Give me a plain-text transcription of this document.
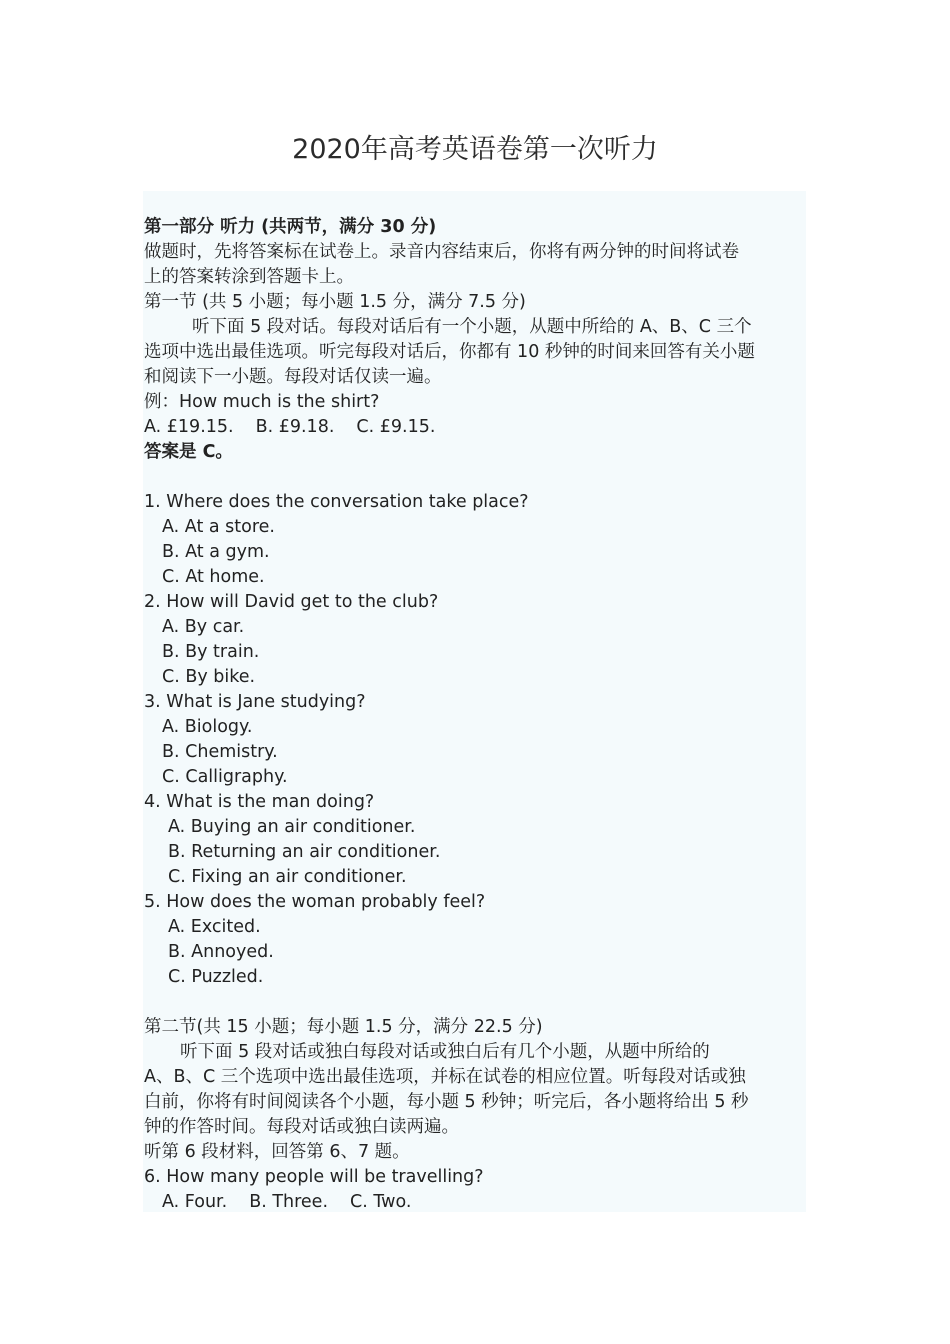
2020年高考英语卷第一次听力
第一部分 听力 (共两节，满分 30 分)
做题时，先将答案标在试卷上。录音内容结束后，你将有两分钟的时间将试卷
上的答案转涂到答题卡上。
第一节 (共 5 小题；每小题 1.5 分，满分 7.5 分)
听下面 5 段对话。每段对话后有一个小题，从题中所给的 A、B、C 三个
选项中选出最佳选项。听完每段对话后，你都有 10 秒钟的时间来回答有关小题
和阅读下一小题。每段对话仅读一遍。
例：How much is the shirt?
A. £19.15. B. £9.18. C. £9.15.
答案是 C。
1. Where does the conversation take place?
A. At a store.
B. At a gym.
C. At home.
2. How will David get to the club?
A. By car.
B. By train.
C. By bike.
3. What is Jane studying?
A. Biology.
B. Chemistry.
C. Calligraphy.
4. What is the man doing?
A. Buying an air conditioner.
B. Returning an air conditioner.
C. Fixing an air conditioner.
5. How does the woman probably feel?
A. Excited.
B. Annoyed.
C. Puzzled.
第二节(共 15 小题；每小题 1.5 分，满分 22.5 分)
听下面 5 段对话或独白每段对话或独白后有几个小题，从题中所给的
A、B、C 三个选项中选出最佳选项，并标在试卷的相应位置。听每段对话或独
白前，你将有时间阅读各个小题，每小题 5 秒钟；听完后，各小题将给出 5 秒
钟的作答时间。每段对话或独白读两遍。
听第 6 段材料，回答第 6、7 题。
6. How many people will be travelling?
A. Four. B. Three. C. Two.
